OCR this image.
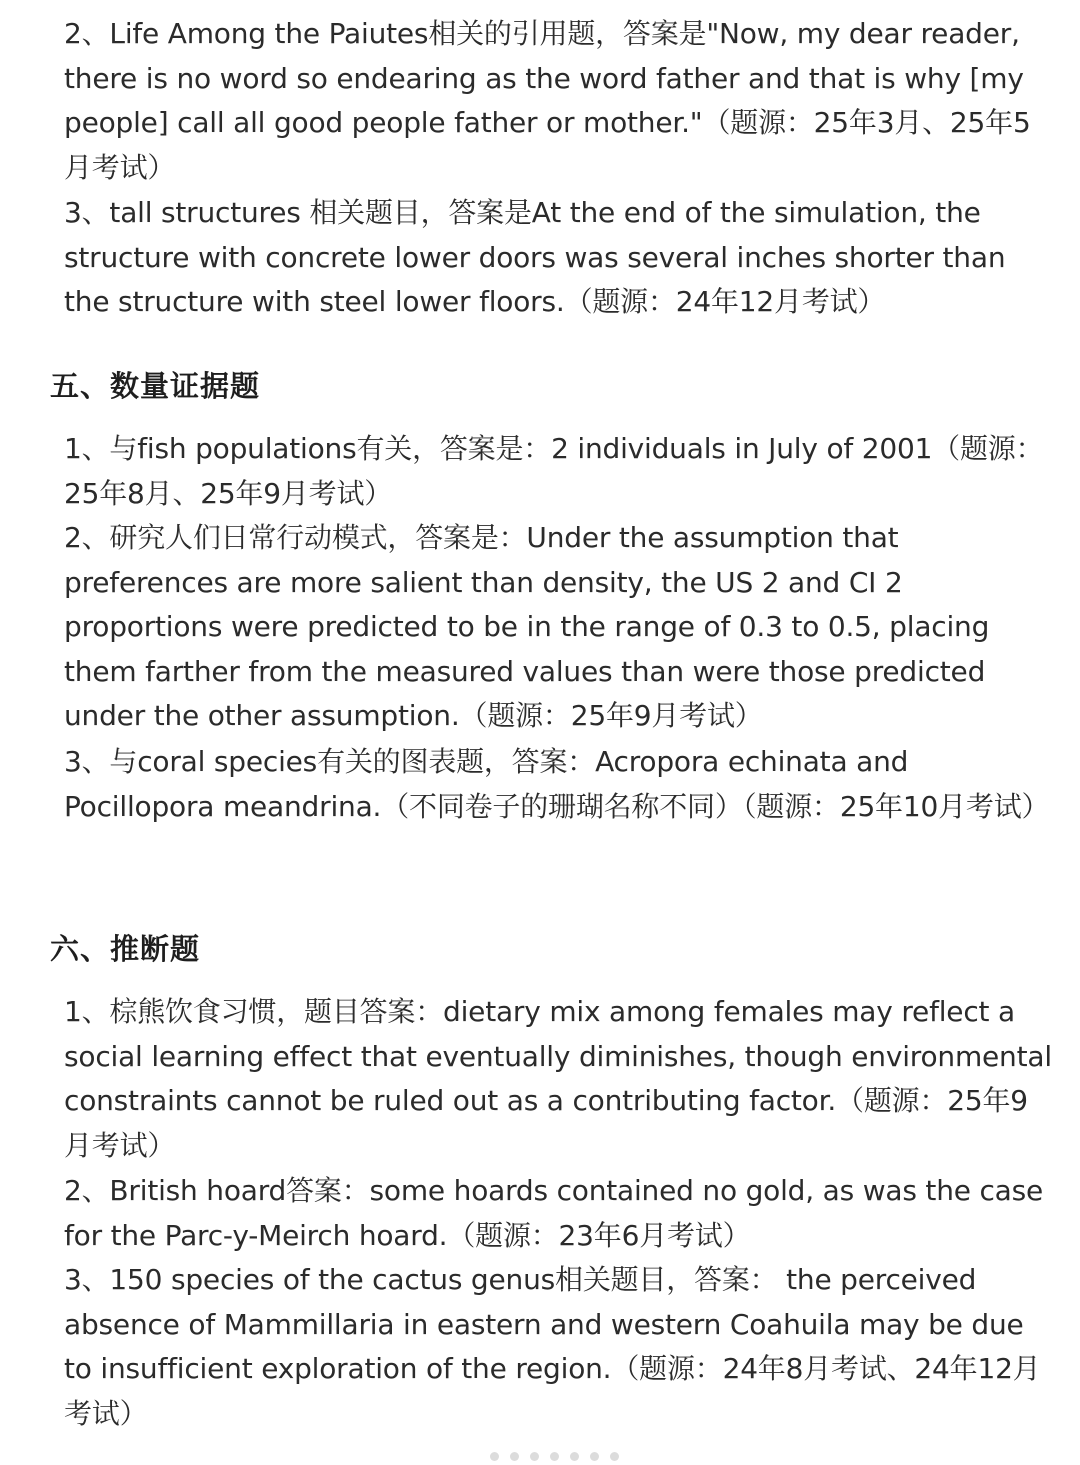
2、Life Among the Paiutes相关的引用题，答案是"Now, my dear reader, there is no word so endearing as the word father and that is why [my people] call all good people father or mother."（题源：25年3月、25年5月考试）

3、tall structures 相关题目，答案是At the end of the simulation, the structure with concrete lower doors was several inches shorter than the structure with steel lower floors.（题源：24年12月考试）

五、数量证据题

1、与fish populations有关，答案是：2 individuals in July of 2001（题源：25年8月、25年9月考试）

2、研究人们日常行动模式，答案是：Under the assumption that preferences are more salient than density, the US 2 and CI 2 proportions were predicted to be in the range of 0.3 to 0.5, placing them farther from the measured values than were those predicted under the other assumption.（题源：25年9月考试）

3、与coral species有关的图表题，答案：Acropora echinata and Pocillopora meandrina.（不同卷子的珊瑚名称不同）（题源：25年10月考试）

六、推断题

1、棕熊饮食习惯，题目答案：dietary mix among females may reflect a social learning effect that eventually diminishes, though environmental constraints cannot be ruled out as a contributing factor.（题源：25年9月考试）

2、British hoard答案：some hoards contained no gold, as was the case for the Parc-y-Meirch hoard.（题源：23年6月考试）

3、150 species of the cactus genus相关题目，答案： the perceived absence of Mammillaria in eastern and western Coahuila may be due to insufficient exploration of the region.（题源：24年8月考试、24年12月考试）
